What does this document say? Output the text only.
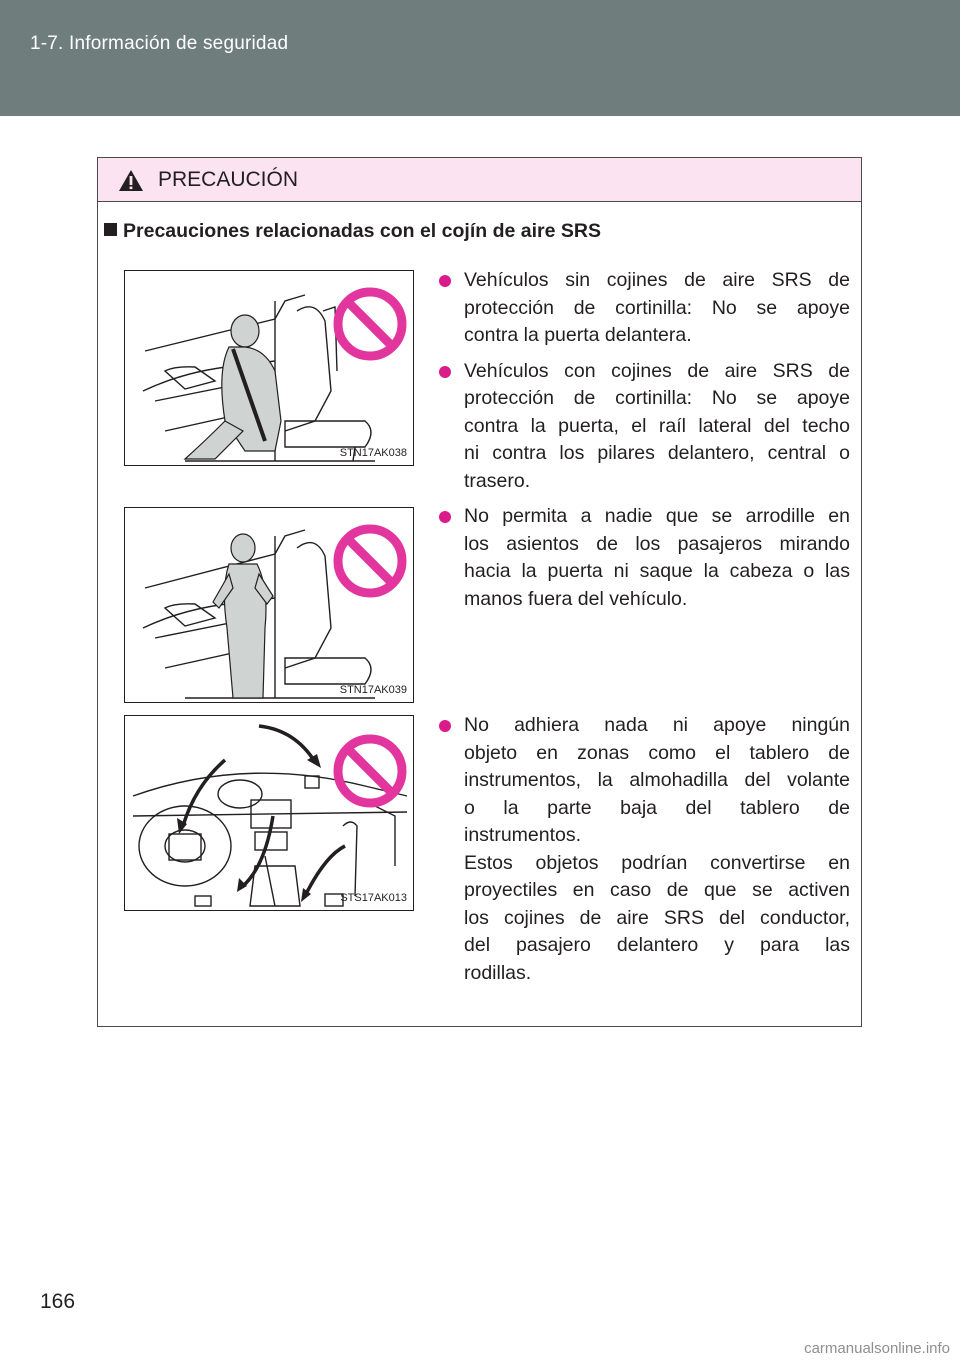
1-7. Información de seguridad
PRECAUCIÓN
Precauciones relacionadas con el cojín de aire SRS
STN17AK038
STN17AK039
STS17AK013
Vehículos sin cojines de aire SRS de
protección de cortinilla: No se apoye
contra la puerta delantera.
Vehículos con cojines de aire SRS de
protección de cortinilla: No se apoye
contra la puerta, el raíl lateral del techo
ni contra los pilares delantero, central o
trasero.
No permita a nadie que se arrodille en
los asientos de los pasajeros mirando
hacia la puerta ni saque la cabeza o las
manos fuera del vehículo.
No adhiera nada ni apoye ningún
objeto en zonas como el tablero de
instrumentos, la almohadilla del volante
o la parte baja del tablero de
instrumentos.
Estos objetos podrían convertirse en
proyectiles en caso de que se activen
los cojines de aire SRS del conductor,
del pasajero delantero y para las
rodillas.
166
carmanualsonline.info
